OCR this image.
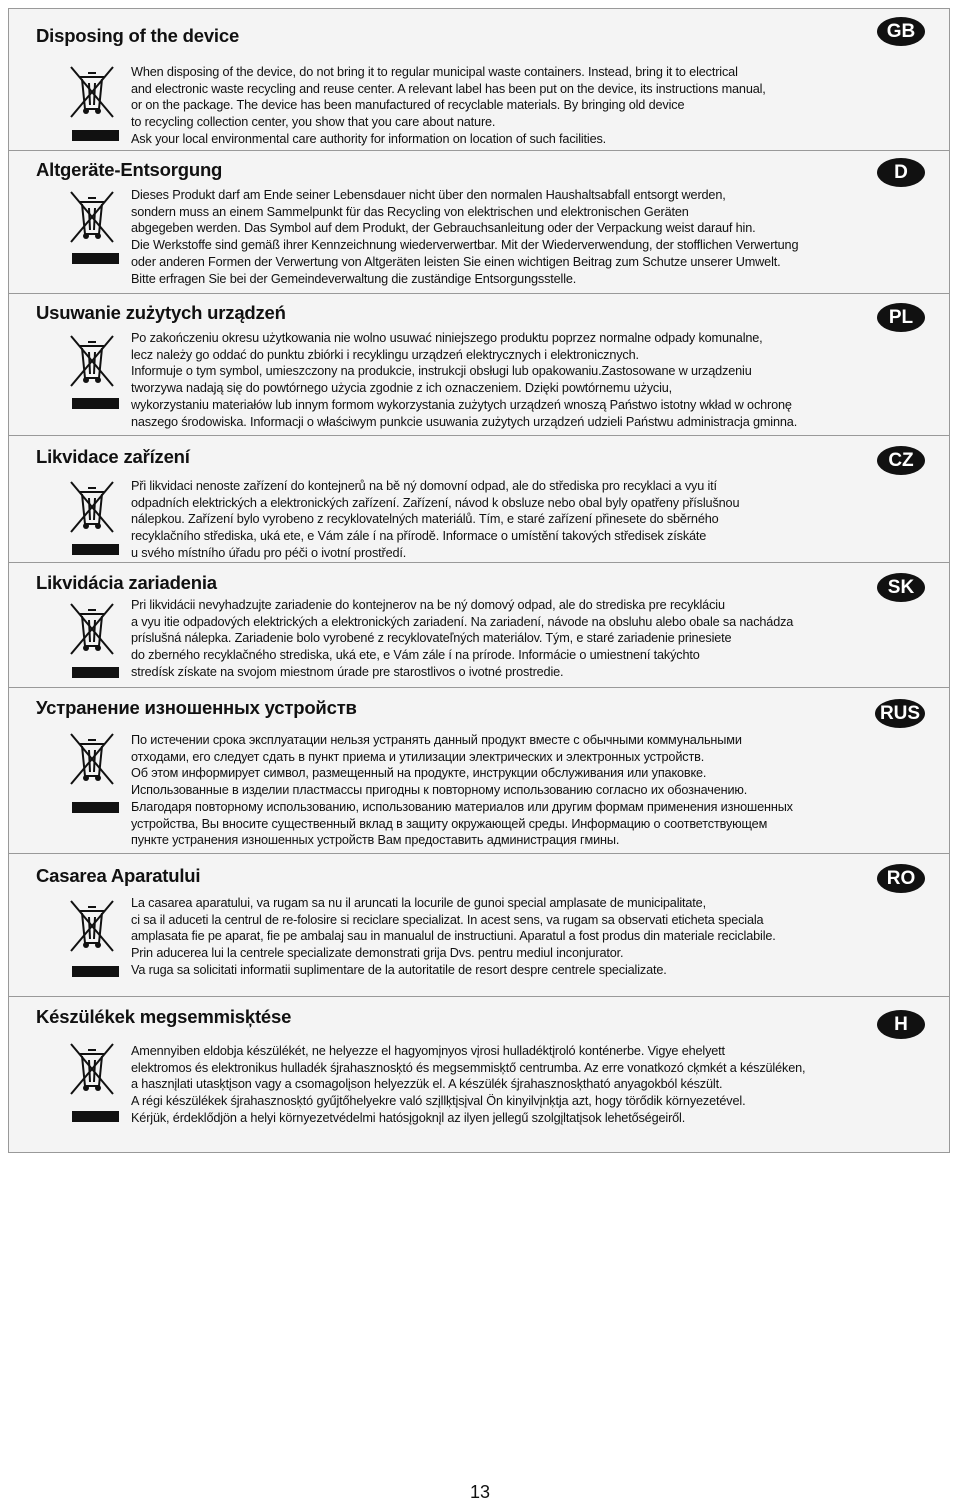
Disposing of the device	GB
When disposing of the device, do not bring it to regular municipal waste containers. Instead, bring it to electrical
and electronic waste recycling and reuse center. A relevant label has been put on the device, its instructions manual,
or on the package. The device has been manufactured of recyclable materials. By bringing old device
to recycling collection center, you show that you care about nature.
Ask your local environmental care authority for information on location of such facilities.
Altgeräte-Entsorgung	D
Dieses Produkt darf am Ende seiner Lebensdauer nicht über den normalen Haushaltsabfall entsorgt werden,
sondern muss an einem Sammelpunkt für das Recycling von elektrischen und elektronischen Geräten
abgegeben werden. Das Symbol auf dem Produkt, der Gebrauchsanleitung oder der Verpackung weist darauf hin.
Die Werkstoffe sind gemäß ihrer Kennzeichnung wiederverwertbar. Mit der Wiederverwendung, der stofflichen Verwertung
oder anderen Formen der Verwertung von Altgeräten leisten Sie einen wichtigen Beitrag zum Schutze unserer Umwelt.
Bitte erfragen Sie bei der Gemeindeverwaltung die zuständige Entsorgungsstelle.
Usuwanie zużytych urządzeń	PL
Po zakończeniu okresu użytkowania nie wolno usuwać niniejszego produktu poprzez normalne odpady komunalne,
lecz należy go oddać do punktu zbiórki i recyklingu urządzeń elektrycznych i elektronicznych.
Informuje o tym symbol, umieszczony na produkcie, instrukcji obsługi lub opakowaniu.Zastosowane w urządzeniu
tworzywa nadają się do powtórnego użycia zgodnie z ich oznaczeniem. Dzięki powtórnemu użyciu,
wykorzystaniu materiałów lub innym formom wykorzystania zużytych urządzeń wnoszą Państwo istotny wkład w ochronę
naszego środowiska. Informacji o właściwym punkcie usuwania zużytych urządzeń udzieli Państwu administracja gminna.
Likvidace zařízení	CZ
Při likvidaci nenoste zařízení do kontejnerů na bě ný domovní odpad, ale do střediska pro recyklaci a vyu ití
odpadních elektrických a elektronických zařízení. Zařízení, návod k obsluze nebo obal byly opatřeny příslušnou
nálepkou. Zařízení bylo vyrobeno z recyklovatelných materiálů. Tím, e staré zařízení přinesete do sběrného
recyklačního střediska, uká ete, e Vám zále í na přírodě. Informace o umístění takových středisek získáte
u svého místního úřadu pro péči o ivotní prostředí.
Likvidácia zariadenia	SK
Pri likvidácii nevyhadzujte zariadenie do kontejnerov na be ný domový odpad, ale do strediska pre recykláciu
a vyu itie odpadových elektrických a elektronických zariadení. Na zariadení, návode na obsluhu alebo obale sa nachádza
príslušná nálepka. Zariadenie bolo vyrobené z recyklovateľných materiálov. Tým, e staré zariadenie prinesiete
do zberného recyklačného strediska, uká ete, e Vám zále í na prírode. Informácie o umiestnení takýchto
stredísk získate na svojom miestnom úrade pre starostlivos o ivotné prostredie.
Устранение изношенных устройств	RUS
По истечении срока эксплуатации нельзя устранять данный продукт вместе с обычными коммунальными
отходами, его следует сдать в пункт приема и утилизации электрических и электронных устройств.
Об этом информирует символ, размещенный на продукте, инструкции обслуживания или упаковке.
Использованные в изделии пластмассы пригодны к повторному использованию согласно их обозначению.
Благодаря повторному использованию, использованию материалов или другим формам применения изношенных
устройства, Вы вносите существенный вклад в защиту окружающей среды. Информацию о соответствующем
пункте устранения изношенных устройств Вам предоставить администрация гмины.
Casarea Aparatului	RO
La casarea aparatului, va rugam sa nu il aruncati la locurile de gunoi special amplasate de municipalitate,
ci sa il aduceti la centrul de re-folosire si reciclare specializat. In acest sens, va rugam sa observati eticheta speciala
amplasata fie pe aparat, fie pe ambalaj sau in manualul de instructiuni. Aparatul a fost produs din materiale reciclabile.
Prin aducerea lui la centrele specializate demonstrati grija Dvs. pentru mediul inconjurator.
Va ruga sa solicitati informatii suplimentare de la autoritatile de resort despre centrele specializate.
Készülékek megsemmisķtése	H
Amennyiben eldobja készülékét, ne helyezze el hagyomįnyos vįrosi hulladéktįroló konténerbe. Vigye ehelyett
elektromos és elektronikus hulladék śjrahasznosķtó és megsemmisķtő centrumba. Az erre vonatkozó cķmkét a készüléken,
a hasznįlati utasķtįson vagy a csomagolįson helyezzük el. A készülék śjrahasznosķtható anyagokból készült.
A régi készülékek śjrahasznosķtó gyűjtőhelyekre való szįllķtįsįval Ön kinyilvįnķtja azt, hogy törődik környezetével.
Kérjük, érdeklődjön a helyi környezetvédelmi hatósįgoknįl az ilyen jellegű szolgįltatįsok lehetőségeiről.
13
